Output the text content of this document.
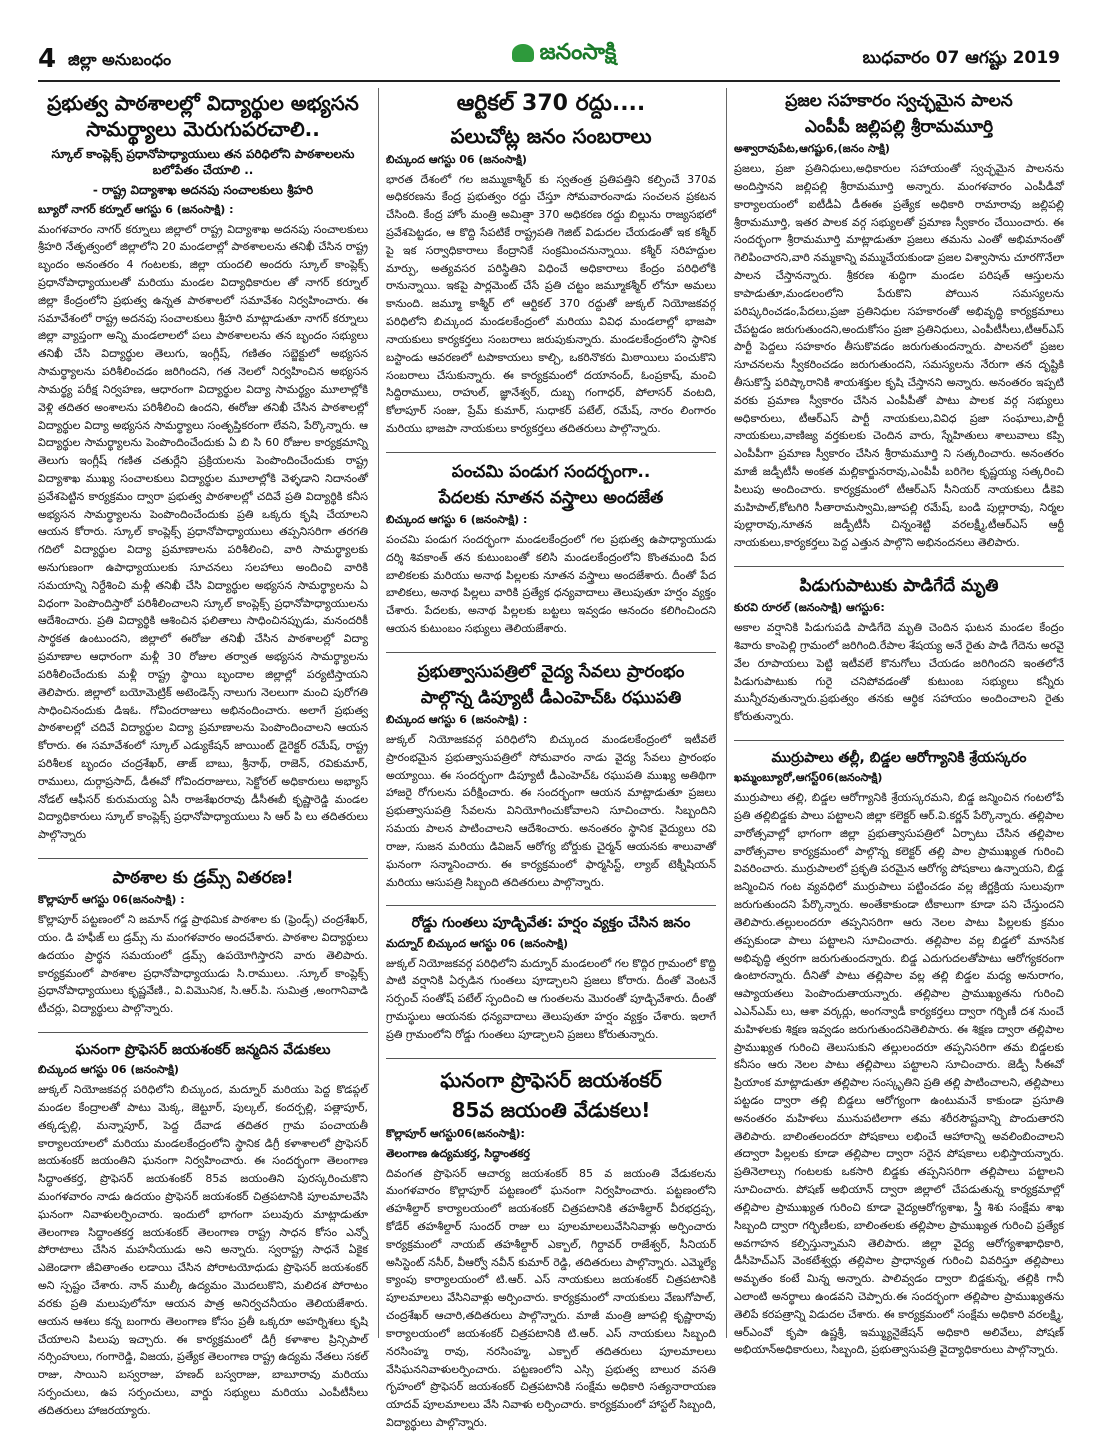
4 జిల్లా అనుబంధం	జనంసాక్షి	బుధవారం 07 ఆగష్టు 2019
ప్రభుత్వ పాఠశాలల్లో విద్యార్థుల అభ్యసన సామర్థ్యాలు మెరుగుపరచాలి..
స్కూల్ కాంప్లెక్స్ ప్రధానోపాధ్యాయులు తన పరిధిలోని పాఠశాలలను బలోపేతం చేయాలి ..
- రాష్ట్ర విద్యాశాఖ అదనపు సంచాలకులు శ్రీహరి
బ్యూరో నాగర్ కర్నూల్ ఆగస్టు 6 (జనంసాక్షి) :

మంగళవారం నాగర్ కర్నూలు జిల్లాలో రాష్ట్ర విద్యాశాఖ అదనపు సంచాలకులు శ్రీహరి నేతృత్వంలో జిల్లాలోని 20 మండలాల్లో పాఠశాలలను తనిఖీ చేసిన రాష్ట్ర బృందం అనంతరం 4 గంటలకు, జిల్లా యందలి అందరు స్కూల్ కాంప్లెక్స్ ప్రధానోపాధ్యాయులతో మరియు మండల విద్యాధికారుల తో నాగర్ కర్నూల్ జిల్లా కేంద్రంలోని ప్రభుత్వ ఉన్నత పాఠశాలలో సమావేశం నిర్వహించారు. ఈ సమావేశంలో రాష్ట్ర అదనపు సంచాలకులు శ్రీహరి మాట్లాడుతూ నాగర్ కర్నూలు జిల్లా వ్యాప్తంగా అన్ని మండలాలలో పలు పాఠశాలలను తన బృందం సభ్యులు తనిఖీ చేసి విద్యార్థుల తెలుగు, ఇంగ్లీష్, గణితం సబ్జెక్టులో అభ్యసన సామర్థ్యాలను పరిశీలించడం జరిగిందని, గత నెలలో నిర్వహించిన అభ్యసన సామర్థ్య పరీక్ష నిర్వహణ, ఆధారంగా విద్యార్థుల విద్యా సామర్థ్యం మూలాల్లోకి వెళ్లి తదితర అంశాలను పరిశీలించి ఉందని, ఈరోజు తనిఖీ చేసిన పాఠశాలల్లో విద్యార్థుల విద్యా అభ్యసన సామర్థ్యాలు సంతృప్తికరంగా లేవని, పేర్కొన్నారు. ఆ విద్యార్థుల సామర్థ్యాలను పెంపొందించేందుకు ఏ బి సి 60 రోజుల కార్యక్రమాన్ని తెలుగు ఇంగ్లీష్ గణిత చతుర్లేని ప్రక్రియలను పెంపొందించేందుకు రాష్ట్ర విద్యాశాఖ ముఖ్య సంచాలకులు విద్యార్థుల మూలాల్లోకి వెళ్ళడాని నిదానంతో ప్రవేశపెట్టిన కార్యక్రమం ద్వారా ప్రభుత్వ పాఠశాలల్లో చదివే ప్రతి విద్యార్థికి కనీస అభ్యసన సామర్థ్యాలను పెంపొందించేందుకు ప్రతి ఒక్కరు కృషి చేయాలని ఆయన కోరారు. స్కూల్ కాంప్లెక్స్ ప్రధానోపాధ్యాయులు తప్పనిసరిగా తరగతి గదిలో విద్యార్థుల విద్యా ప్రమాణాలను పరిశీలించి, వారి సామర్థ్యాలకు అనుగుణంగా ఉపాధ్యాయులకు సూచనలు సలహాలు అందించి వారికి సమయాన్ని నిర్దేశించి మళ్లీ తనిఖీ చేసి విద్యార్థుల అభ్యసన సామర్థ్యాలను ఏ విధంగా పెంపొందిస్తారో పరిశీలించాలని స్కూల్ కాంప్లెక్స్ ప్రధానోపాధ్యాయులను ఆదేశించారు. ప్రతి విద్యార్థికి ఆశించిన ఫలితాలు సాధించినప్పుడు, మనందరికీ సార్థకత ఉంటుందని, జిల్లాలో ఈరోజు తనిఖీ చేసిన పాఠశాలల్లో విద్యా ప్రమాణాల ఆధారంగా మళ్లీ 30 రోజుల తర్వాత అభ్యసన సామర్థ్యాలను పరిశీలించేందుకు మళ్లీ రాష్ట్ర స్థాయి బృందాల జిల్లాల్లో పర్యటిస్తాయని తెలిపారు. జిల్లాలో బయోమెట్రిక్ అటెండెన్స్ నాలుగు నెలలుగా మంచి పురోగతి సాధించినందుకు డిఇఓ. గోవిందరాజులు అభినందించారు. అలాగే ప్రభుత్వ పాఠశాలల్లో చదివే విద్యార్థుల విద్యా ప్రమాణాలను పెంపొందించాలని ఆయన కోరారు. ఈ సమావేశంలో స్కూల్ ఎడ్యుకేషన్ జాయింట్ డైరెక్టర్ రమేష్, రాష్ట్ర పరిశీలక బృందం చంద్రశేఖర్, తాజ్ బాబు, శ్రీనాథ్, రాజెన్, రవికుమార్, రాములు, దుర్గాప్రసాద్, డీఈవో గోవిందరాజులు, సెక్టోరల్ అధికారులు అభ్యాస్ నోడల్ ఆఫీసర్ కురుమయ్య ఏసీ రాజశేఖరరావు డీసీఈబీ కృష్ణారెడ్డి మండల విద్యాధికారులు స్కూల్ కాంప్లెక్స్ ప్రధానోపాధ్యాయులు సి ఆర్ పి లు తదితరులు పాల్గొన్నారు

పాఠశాల కు డ్రమ్స్ వితరణ!
కొల్లాపూర్ ఆగస్టు 06(జనంసాక్షి) :

కొల్లాపూర్ పట్టణంలో ని జమాన్ గడ్డ ప్రాథమిక పాఠశాల కు (ఫ్రెండ్స్) చంద్రశేఖర్, యం. డి హఫీజ్ లు డ్రమ్స్ ను మంగళవారం అందచేశారు. పాఠశాల విద్యార్థులు ఉదయం ప్రార్థన సమయంలో డ్రమ్స్ ఉపయోగిస్తారని వారు తెలిపారు. కార్యక్రమంలో పాఠశాల ప్రధానోపాధ్యాయుడు సి.రాములు. .స్కూల్ కాంప్లెక్స్ ప్రధానోపాధ్యాయులు కృష్ణవేణి., వి.విమొనిక, సి.ఆర్.పి. సుమిత్ర ,అంగానివాడి టీచర్లు, విద్యార్థులు పాల్గొన్నారు.

ఘనంగా ప్రొఫెసర్ జయశంకర్ జన్మదిన వేడుకలు
బిచ్కుంద ఆగస్టు 06 (జనంసాక్షి)

జుక్కల్ నియోజకవర్గ పరిధిలోని బిచ్కుంద, మద్నూర్ మరియు పెద్ద కొడప్గల్ మండల కేంద్రాలతో పాటు మెక్క, జెట్టూర్, పుల్కల్, కందర్పల్లి, పత్లాపూర్, తక్కడ్పల్లి, మన్నాపూర్, పెద్ద దేవాడ తదితర గ్రామ పంచాయతీ కార్యాలయాలలో మరియు మండలకేంద్రంలోని స్థానిక డిగ్రీ కళాశాలలో ప్రొఫెసర్ జయశంకర్ జయంతిని ఘనంగా నిర్వహించారు. ఈ సందర్భంగా తెలంగాణ సిద్ధాంతకర్త, ప్రొఫెసర్ జయశంకర్ 85వ జయంతిని పురస్కరించుకొని మంగళవారం నాడు ఉదయం ప్రొఫెసర్ జయశంకర్ చిత్రపటానికి పూలమాలవేసి ఘనంగా నివాళులర్పించారు. ఇందులో భాగంగా పలువురు మాట్లాడుతూ తెలంగాణ సిద్ధాంతకర్త జయశంకర్ తెలంగాణ రాష్ట్ర సాధన కోసం ఎన్నో పోరాటాలు చేసిన మహనీయుడు అని అన్నారు. స్వరాష్ట్ర సాధనే ఏకైక ఎజెండాగా జీవితాంతం లడాయి చేసిన పోరాటయోధుడు ప్రొఫెసర్ జయశంకర్ అని స్పష్టం చేశారు. నాన్ ముల్కీ ఉద్యమం మొదలుకొని, మలిదశ పోరాటం వరకు ప్రతి మలుపులోనూ ఆయన పాత్ర అనిర్వచనీయం తెలియజేశారు. ఆయన ఆశలు కన్న బంగారు తెలంగాణ కోసం ప్రతీ ఒక్కరూ అహర్నిశలు కృషి చేయాలని పిలుపు ఇచ్చారు. ఈ కార్యక్రమంలో డిగ్రీ కళాశాల ప్రిన్సిపాల్ నర్సింహులు, గంగారెడ్డి, విజయ, ప్రత్యేక తెలంగాణ రాష్ట్ర ఉద్యమ నేతలు సకల్ రాజు, సాయిని బస్వరాజు, హణద్ బస్వరాజు, బాబూరావు మరియు సర్పంచులు, ఉప సర్పంచులు, వార్డు సభ్యులు మరియు ఎంపీటీసీలు తదితరులు హాజరయ్యారు.

ఆర్టికల్ 370 రద్దు....
పలుచోట్ల జనం సంబరాలు
బిచ్కుంద ఆగస్టు 06 (జనంసాక్షి)

భారత దేశంలో గల జమ్ముకాశ్మీర్ కు స్వతంత్ర ప్రతిపత్తిని కల్పించే 370వ అధికరణను కేంద్ర ప్రభుత్వం రద్దు చేస్తూ సోమవారంనాడు సంచలన ప్రకటన చేసింది. కేంద్ర హోం మంత్రి అమిత్షా 370 అధికరణ రద్దు బిల్లును రాజ్యసభలో ప్రవేశపెట్టడం, ఆ కొద్ది సేపటికే రాష్ట్రపతి గెజిట్ విడుదల చేయడంతో ఇక కశ్మీర్ పై ఇక సర్వాధికారాలు కేంద్రానికే సంక్రమించనున్నాయి. కశ్మీర్ సరిహద్దుల మార్పు, అత్యవసర పరిస్థితిని విధించే అధికారాలు కేంద్రం పరిధిలోకి రానున్నాయి. ఇకపై పార్లమెంట్ చేసే ప్రతి చట్టం జమ్మూకశ్మీర్ లోనూ అమలు కానుంది. జమ్మూ కాశ్మీర్ లో ఆర్టికల్ 370 రద్దుతో జుక్కల్ నియోజకవర్గ పరిధిలోని బిచ్కుంద మండలకేంద్రంలో మరియు వివిధ మండలాల్లో భాజపా నాయకులు కార్యకర్తలు సంబరాలు జరుపుకున్నారు. మండలకేంద్రంలోని స్థానిక బస్టాండు ఆవరణలో టపాకాయలు కాల్చి, ఒకరినొకరు మిఠాయిలు పంచుకొని సంబరాలు చేసుకున్నారు. ఈ కార్యక్రమంలో దయానంద్, ఓంప్రకాష్, మంచి సిద్దిరాములు, రాహుల్, జ్ఞానేశ్వర్, దుబ్బ గంగాధర్, పోలాసర్ వంటది, కోలాపూర్ సంజు, ప్రేమ్ కుమార్, సుధాకర్ పటేల్, రమేష్, నారం లింగారం మరియు భాజపా నాయకులు కార్యకర్తలు తదితరులు పాల్గొన్నారు.

పంచమి పండుగ సందర్బంగా..
పేదలకు నూతన వస్త్రాలు అందజేత
బిచ్కుంద ఆగస్టు 6 (జనంసాక్షి) :

పంచమి పండుగ సందర్భంగా మండలకేంద్రంలో గల ప్రభుత్వ ఉపాధ్యాయుడు దర్శి శివకాంత్ తన కుటుంబంతో కలిసి మండలకేంద్రంలోని కొంతమంది పేద బాలికలకు మరియు అనాథ పిల్లలకు నూతన వస్త్రాలు అందజేశారు. దీంతో పేద బాలికలు, అనాథ పిల్లలు వారికి ప్రత్యేక ధన్యవాదాలు తెలుపుతూ హర్షం వ్యక్తం చేశారు. పేదలకు, అనాథ పిల్లలకు బట్టలు ఇవ్వడం ఆనందం కలిగించిందని ఆయన కుటుంబం సభ్యులు తెలియజేశారు.

ప్రభుత్వాసుపత్రిలో వైద్య సేవలు ప్రారంభం
పాల్గొన్న డిప్యూటీ డీఎంహెచ్ఓ రఘుపతి
బిచ్కుంద ఆగస్టు 6 (జనంసాక్షి) :

జుక్కల్ నియోజకవర్గ పరిధిలోని బిచ్కుంద మండలకేంద్రంలో ఇటీవలే ప్రారంభమైన ప్రభుత్వాసుపత్రిలో సోమవారం నాడు వైద్య సేవలు ప్రారంభం అయ్యాయి. ఈ సందర్భంగా డిప్యూటీ డీఎంహెచ్ఓ రఘుపతి ముఖ్య అతిథిగా హాజరై రోగులను పరీక్షించారు. ఈ సందర్భంగా ఆయన మాట్లాడుతూ ప్రజలు ప్రభుత్వాసుపత్రి సేవలను వినియోగించుకోవాలని సూచించారు. సిబ్బందిని సమయ పాలన పాటించాలని ఆదేశించారు. అనంతరం స్థానిక వైద్యులు రవి రాజు, సుజన మరియు డివిజన్ ఆరోగ్య బోర్డుకు చైర్మన్ ఆయనకు శాలువాతో ఘనంగా సన్మానించారు. ఈ కార్యక్రమంలో ఫార్మసిస్ట్, ల్యాబ్ టెక్నీషియన్ మరియు ఆసుపత్రి సిబ్బంది తదితరులు పాల్గొన్నారు.

రోడ్డు గుంతలు పూడ్చివేత: హర్షం వ్యక్తం చేసిన జనం
మద్నూర్ బిచ్కుంద ఆగస్టు 06 (జనంసాక్షి)

జుక్కల్ నియోజకవర్గ పరిధిలోని మద్నూర్ మండలంలో గల కొద్గిర గ్రామంలో కొద్ది పాటి వర్షానికి ఏర్పడిన గుంతలు పూడ్చాలని ప్రజలు కోరారు. దీంతో వెంటనే సర్పంచ్ సంతోష్ పటేల్ స్పందించి ఆ గుంతలను మొరంతో పూడ్చివేశారు. దీంతో గ్రామస్థులు ఆయనకు ధన్యవాదాలు తెలుపుతూ హర్షం వ్యక్తం చేశారు. ఇలాగే ప్రతి గ్రామంలోని రోడ్డు గుంతలు పూడ్చాలని ప్రజలు కోరుతున్నారు.

ఘనంగా ప్రొఫెసర్ జయశంకర్
85వ జయంతి వేడుకలు!
కొల్లాపూర్ ఆగస్టు06(జనంసాక్షి):
తెలంగాణ ఉద్యమకర్త, సిద్ధాంతకర్త

దివంగత ప్రొఫెసర్ ఆచార్య జయశంకర్ 85 వ జయంతి వేడుకలను మంగళవారం కొల్లాపూర్ పట్టణంలో ఘనంగా నిర్వహించారు. పట్టణంలోని తహశీల్దార్ కార్యాలయంలో జయశంకర్ చిత్రపటానికి తహశీల్దార్ వీరభద్రప్ప, కోడేర్ తహశీల్దార్ సుందర్ రాజు లు పూలమాలలువేసినివాళ్లు అర్పించారు కార్యక్రమంలో నాయబ్ తహశీల్దార్ ఎక్బాల్, గిర్దావర్ రాజేశ్వర్, సీనియర్ అసిస్టెంట్ నసీర్, వీఆర్వో నవీన్ కుమార్ రెడ్డి, తదితరులు పాల్గొన్నారు. ఎమ్మెల్యే క్యాంపు కార్యాలయంలో టి.ఆర్. ఎస్ నాయకులు జయశంకర్ చిత్రపటానికి పూలమాలలు వేసినివాళ్లు అర్పించారు. కార్యక్రమంలో నాయకులు వేణుగోపాల్, చంద్రశేఖర్ ఆచారి,తదితరులు పాల్గొన్నారు. మాజీ మంత్రి జూపల్లి కృష్ణారావు కార్యాలయంలో జయశంకర్ చిత్రపటానికి టి.ఆర్. ఎస్ నాయకులు సిబ్బంది నరసింహ్మ రావు, నరసింహ్మ, ఎక్బాల్ తదితరులు పూలమాలలు వేసిఘననివాళులర్పించారు. పట్టణంలోని ఎస్సి ప్రభుత్వ బాలుర వసతి గృహంలో ప్రొఫెసర్ జయశంకర్ చిత్రపటానికి సంక్షేమ అధికారి సత్యనారాయణ యాదవ్ పూలమాలలు వేసి నివాళు లర్పించారు. కార్యక్రమంలో హాస్టల్ సిబ్బంది, విద్యార్థులు పాల్గొన్నారు.

ప్రజల సహకారం స్వచ్ఛమైన పాలన
ఎంపీపీ జల్లిపల్లి శ్రీరామమూర్తి
అశ్వారావుపేట,ఆగష్టు6,(జనం సాక్షి)

ప్రజలు, ప్రజా ప్రతినిధులు,అధికారుల సహాయంతో స్వచ్ఛమైన పాలనను అందిస్తానని జల్లిపల్లి శ్రీరామమూర్తి అన్నారు. మంగళవారం ఎంపీడీవో కార్యాలయంలో ఐటీడీఏ డీఈఈ ప్రత్యేక అధికారి రామారావు జల్లిపల్లి శ్రీరామమూర్తి, ఇతర పాలక వర్గ సభ్యులతో ప్రమాణ స్వీకారం చేయించారు. ఈ సందర్భంగా శ్రీరామమూర్తి మాట్లాడుతూ ప్రజలు తమను ఎంతో అభిమానంతో గెలిపించారని,వారి నమ్మకాన్ని వమ్ముచేయకుండా ప్రజల విశ్వాసాను చూరగొనేలా పాలన చేస్తానన్నారు. శ్రీకరణ శుద్ధిగా మండల పరిషత్ ఆస్తులను కాపాడుతూ,మండలంలోని పేరుకొని పోయిన సమస్యలను పరిష్కరించడం,పేదలు,ప్రజా ప్రతినిధుల సహకారంతో అభివృద్ధి కార్యక్రమాలు చేపట్టడం జరుగుతుందని,అందుకోసం ప్రజా ప్రతినిధులు, ఎంపీటీసీలు,టీఆర్ఎస్ పార్టీ పెద్దలు సహకారం తీసుకొవడం జరుగుతుందన్నారు. పాలనలో ప్రజల సూచనలను స్వీకరించడం జరుగుతుందని, సమస్యలను నేరుగా తన దృష్టికి తీసుకొస్తే పరిష్కారానికి శాయశక్తుల కృషి చేస్తానని అన్నారు. అనంతరం ఇప్పటి వరకు ప్రమాణ స్వీకారం చేసిన ఎంపీపీతో పాటు పాలక వర్గ సభ్యులు అధికారులు, టీఆర్ఎస్ పార్టీ నాయకులు,వివిధ ప్రజా సంఘాలు,పార్టీ నాయకులు,వాణిజ్య వర్తకులకు చెందిన వారు, స్నేహితులు శాలువాలు కప్పి ఎంపీపీగా ప్రమాణ స్వీకారం చేసిన శ్రీరామమూర్తి ని సత్కరించారు. అనంతరం మాజీ జడ్పీటీసీ అంకత మల్లికార్జునరావు,ఎంపీపీ బరిగెల కృష్ణయ్య సత్కరించి పిలుపు అందించారు. కార్యక్రమంలో టీఆర్ఎస్ సీనియర్ నాయకులు డీకెవి మహిపాల్,కోటగిరి సీతారామస్వామి,జూపల్లి రమేష్, బండి పుల్లారావు, నిర్మల పుల్లారావు,నూతన జడ్పీటీసీ చిన్నంశెట్టి వరలక్ష్మీ,టీఆర్ఎస్ ఆర్టీ నాయకులు,కార్యకర్తలు పెద్ద ఎత్తున పాల్గొని అభినందనలు తెలిపారు.

పిడుగుపాటుకు పాడిగేదే మృతి
కురవి రూరల్ (జనంసాక్షి) ఆగస్టు6:

అకాల వర్షానికి పిడుగుపడి పాడిగేదె మృతి చెందిన ఘటన మండల కేంద్రం శివారు కాంపెల్లి గ్రామంలో జరిగింది.రేపాల శేషయ్య అనే రైతు పాడి గేదెను అరవై వేల రూపాయలు పెట్టి ఇటీవలే కొనుగోలు చేయడం జరిగిందని ఇంతలోనే పిడుగుపాటుకు గురై చనిపోవడంతో కుటుంబ సభ్యులు కన్నీరు మున్నీరవుతున్నారు.ప్రభుత్వం తనకు ఆర్థిక సహాయం అందించాలని రైతు కోరుతున్నారు.

ముర్రుపాలు తల్లీ, బిడ్డల ఆరోగ్యానికి శ్రేయస్కరం
ఖమ్మంబ్యూరో,ఆగస్ట్06(జనంసాక్షి)

ముర్రుపాలు తల్లి, బిడ్డల ఆరోగ్యానికి శ్రేయస్కరమని, బిడ్డ జన్మించిన గంటలోపే ప్రతి తల్లిబిడ్డకు పాలు పట్టాలని జిల్లా కలెక్టర్ ఆర్.వి.కర్ణన్ పేర్కొన్నారు. తల్లిపాల వారోత్సవాల్లో భాగంగా జిల్లా ప్రభుత్వాసుపత్రిలో ఏర్పాటు చేసిన తల్లిపాల వారోత్సవాల కార్యక్రమంలో పాల్గొన్న కలెక్టర్ తల్లి పాల ప్రాముఖ్యత గురించి వివరించారు. ముర్రుపాలలో ప్రకృతి పరమైన ఆరోగ్య పోషకాలు ఉన్నాయని, బిడ్డ జన్మించిన గంట వ్యవధిలో ముర్రుపాలు పట్టించడం వల్ల జీర్ణక్రియ సులువుగా జరుగుతుందని పేర్కొన్నారు. అంతేకాకుండా టీకాలుగా కూడా పని చేస్తుందని తెలిపారు.తల్లులందరూ తప్పనిసరిగా ఆరు నెలల పాటు పిల్లలకు క్రమం తప్పకుండా పాలు పట్టాలని సూచించారు. తల్లిపాల వల్ల బిడ్డలో మానసిక అభివృద్ధి త్వరగా జరుగుతుందన్నారు. బిడ్డ ఎదుగుదలతోపాటు ఆరోగ్యకరంగా ఉంటారన్నారు. దీనితో పాటు తల్లిపాల వల్ల తల్లి బిడ్డల మధ్య అనురాగం, ఆప్యాయతలు పెంపొందుతాయన్నారు. తల్లిపాల ప్రాముఖ్యతను గురించి ఎఎన్ఎమ్ లు, ఆశా వర్కర్లు, అంగన్వాడీ కార్యకర్తలు ద్వారా గర్భిణీ దశ నుంచే మహిళలకు శిక్షణ ఇవ్వడం జరుగుతుందనితెలిపారు. ఈ శిక్షణ ద్వారా తల్లిపాల ప్రాముఖ్యత గురించి తెలుసుకుని తల్లులందరూ తప్పనిసరిగా తమ బిడ్డలకు కనీసం ఆరు నెలల పాటు తల్లిపాలు పట్టాలని సూచించారు. జెడ్పీ సీఈవో ప్రియాంక మాట్లాడుతూ తల్లిపాల సంస్కృతిని ప్రతి తల్లి పాటించాలని, తల్లిపాలు పట్టడం ద్వారా తల్లి బిడ్డలు ఆరోగ్యంగా ఉంటుమనే కాకుండా ప్రసూతి అనంతరం మహిళలు మునుపటిలాగా తమ శరీరసౌష్టవాన్ని పొందుతారని తెలిపారు. బాలింతలందరూ పోషకాలు లభించే ఆహారాన్ని అవలింబించాలని తద్వారా పిల్లలకు కూడా తల్లిపాల ద్వారా సరైన పోషకాలు లభిస్తాయన్నారు. ప్రతినెలాల్సు గంటలకు ఒకసారి బిడ్డకు తప్పనిసరిగా తల్లిపాలు పట్టాలని సూచించారు. పోషణ్ అభియాన్ ద్వారా జిల్లాలో చేపడుతున్న కార్యక్రమాల్లో తల్లిపాల ప్రాముఖ్యత గురించి కూడా వైద్యఆరోగ్యశాఖ, స్త్రీ శిశు సంక్షేమ శాఖ సిబ్బంది ద్వారా గర్భిణీలకు, బాలింతలకు తల్లిపాల ప్రాముఖ్యత గురించి ప్రత్యేక అవగాహన కల్పిస్తున్నామని తెలిపారు. జిల్లా వైద్య ఆరోగ్యశాఖాధికారి, డీసీహెచ్ఎస్ వెంకటేశ్వర్లు తల్లిపాల ప్రాధాన్యత గురించి వివరిస్తూ తల్లిపాలు అమృతం కంటే మిన్న అన్నారు. పాలివ్వడం ద్వారా బిడ్డకున్న, తల్లికి గానీ ఎలాంటి అనర్థాలు ఉండవని చెప్పారు.ఈ సందర్భంగా తల్లిపాల ప్రాముఖ్యతను తెలిపే కరపత్రాన్ని విడుదల చేశారు. ఈ కార్యక్రమంలో సంక్షేమ అధికారి వరలక్ష్మి, ఆర్ఎంవో కృపా ఉష్ణశ్రీ, ఇమ్మ్యునైజేషన్ అధికారి అలివేలు, పోషణ్ అభియాన్అధికారులు, సిబ్బంది, ప్రభుత్వాసుపత్రి వైద్యాధికారులు పాల్గొన్నారు.
